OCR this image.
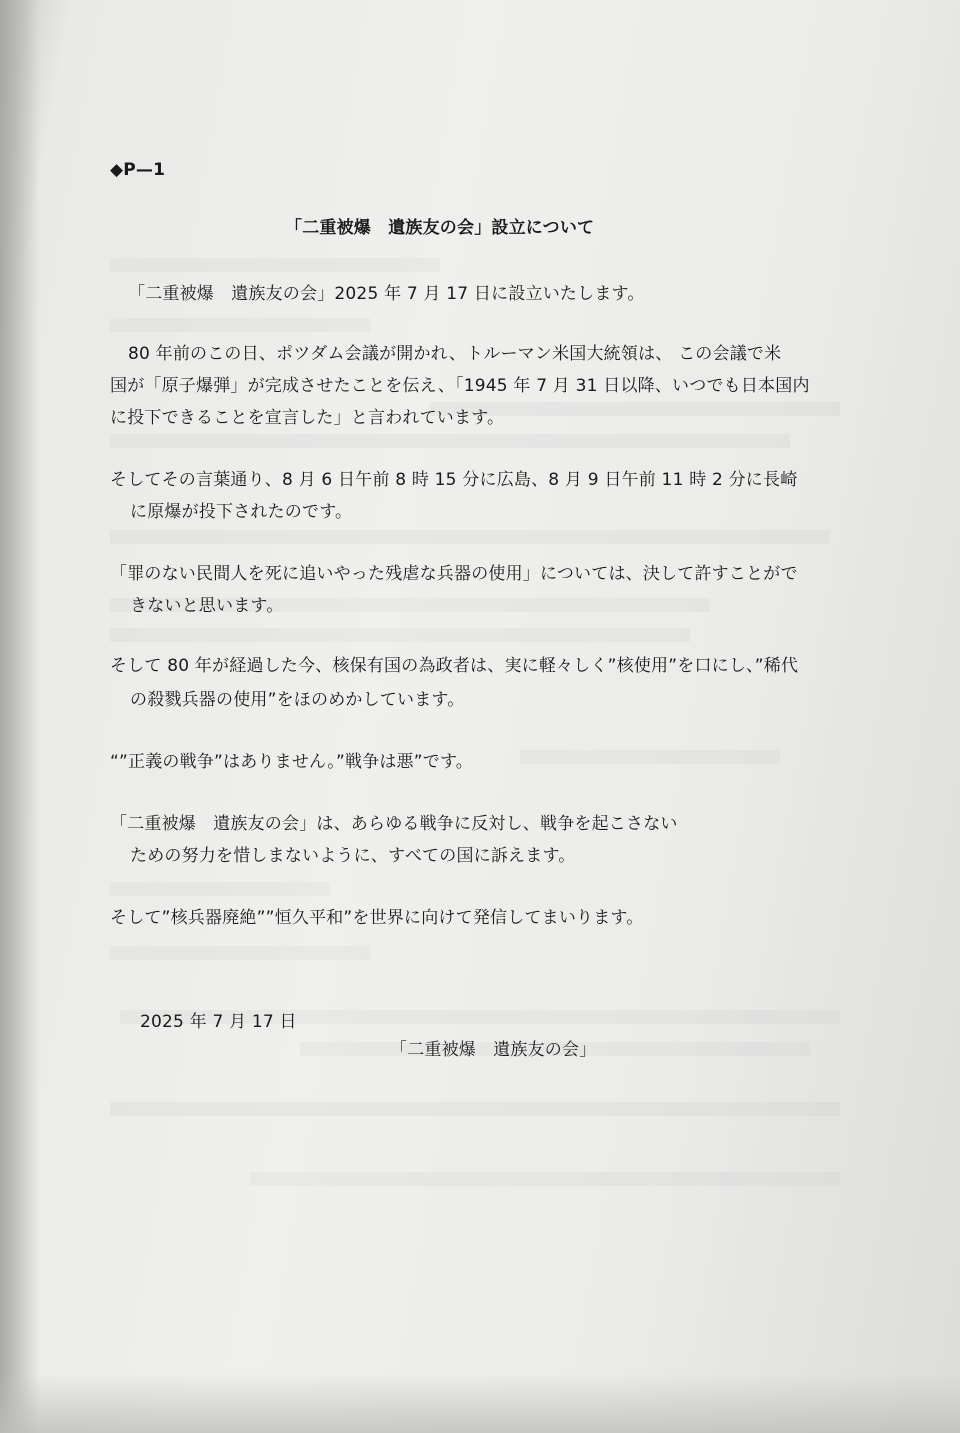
◆P—1
「二重被爆　遺族友の会」設立について
「二重被爆　遺族友の会」2025 年 7 月 17 日に設立いたします。
80 年前のこの日、ポツダム会議が開かれ、トルーマン米国大統領は、 この会議で米
国が「原子爆弾」が完成させたことを伝え、「1945 年 7 月 31 日以降、いつでも日本国内
に投下できることを宣言した」と言われています。
そしてその言葉通り、8 月 6 日午前 8 時 15 分に広島、8 月 9 日午前 11 時 2 分に長崎
に原爆が投下されたのです。
「罪のない民間人を死に追いやった残虐な兵器の使用」については、決して許すことがで
きないと思います。
そして 80 年が経過した今、核保有国の為政者は、実に軽々しく”核使用”を口にし、”稀代
の殺戮兵器の使用”をほのめかしています。
“”正義の戦争”はありません。”戦争は悪”です。
「二重被爆　遺族友の会」は、あらゆる戦争に反対し、戦争を起こさない
ための努力を惜しまないように、すべての国に訴えます。
そして”核兵器廃絶””恒久平和”を世界に向けて発信してまいります。
2025 年 7 月 17 日
「二重被爆　遺族友の会」
